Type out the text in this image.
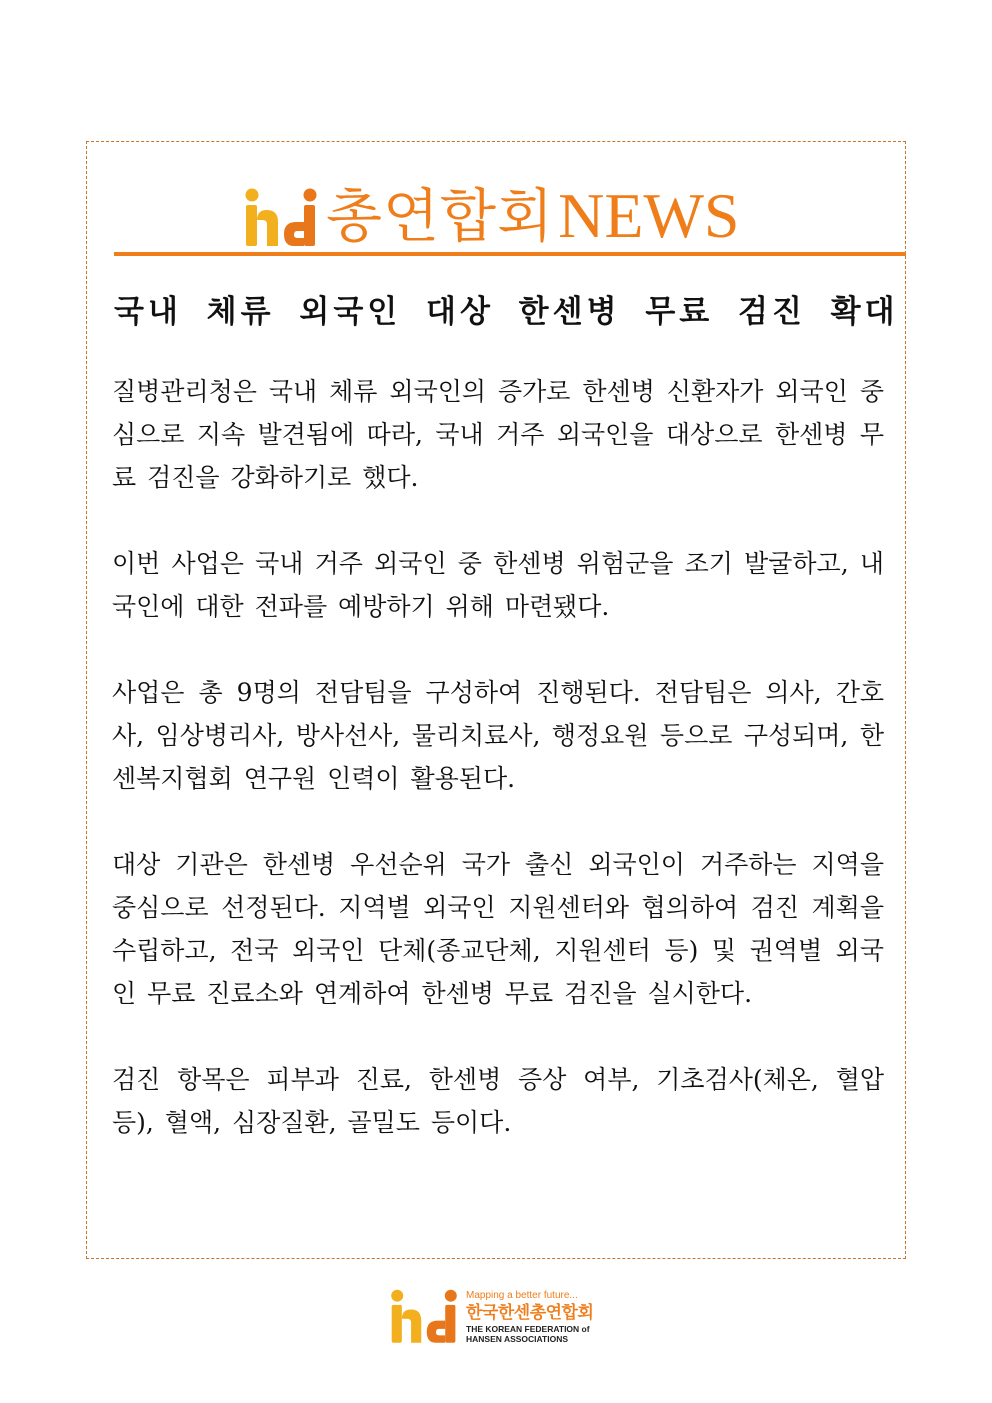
총연합회 NEWS
국내 체류 외국인 대상 한센병 무료 검진 확대

질병관리청은 국내 체류 외국인의 증가로 한센병 신환자가 외국인 중심으로 지속 발견됨에 따라, 국내 거주 외국인을 대상으로 한센병 무료 검진을 강화하기로 했다.

이번 사업은 국내 거주 외국인 중 한센병 위험군을 조기 발굴하고, 내국인에 대한 전파를 예방하기 위해 마련됐다.

사업은 총 9명의 전담팀을 구성하여 진행된다. 전담팀은 의사, 간호사, 임상병리사, 방사선사, 물리치료사, 행정요원 등으로 구성되며, 한센복지협회 연구원 인력이 활용된다.

대상 기관은 한센병 우선순위 국가 출신 외국인이 거주하는 지역을 중심으로 선정된다. 지역별 외국인 지원센터와 협의하여 검진 계획을 수립하고, 전국 외국인 단체(종교단체, 지원센터 등) 및 권역별 외국인 무료 진료소와 연계하여 한센병 무료 검진을 실시한다.

검진 항목은 피부과 진료, 한센병 증상 여부, 기초검사(체온, 혈압 등), 혈액, 심장질환, 골밀도 등이다.

Mapping a better future...
한국한센총연합회
THE KOREAN FEDERATION of
HANSEN ASSOCIATIONS
